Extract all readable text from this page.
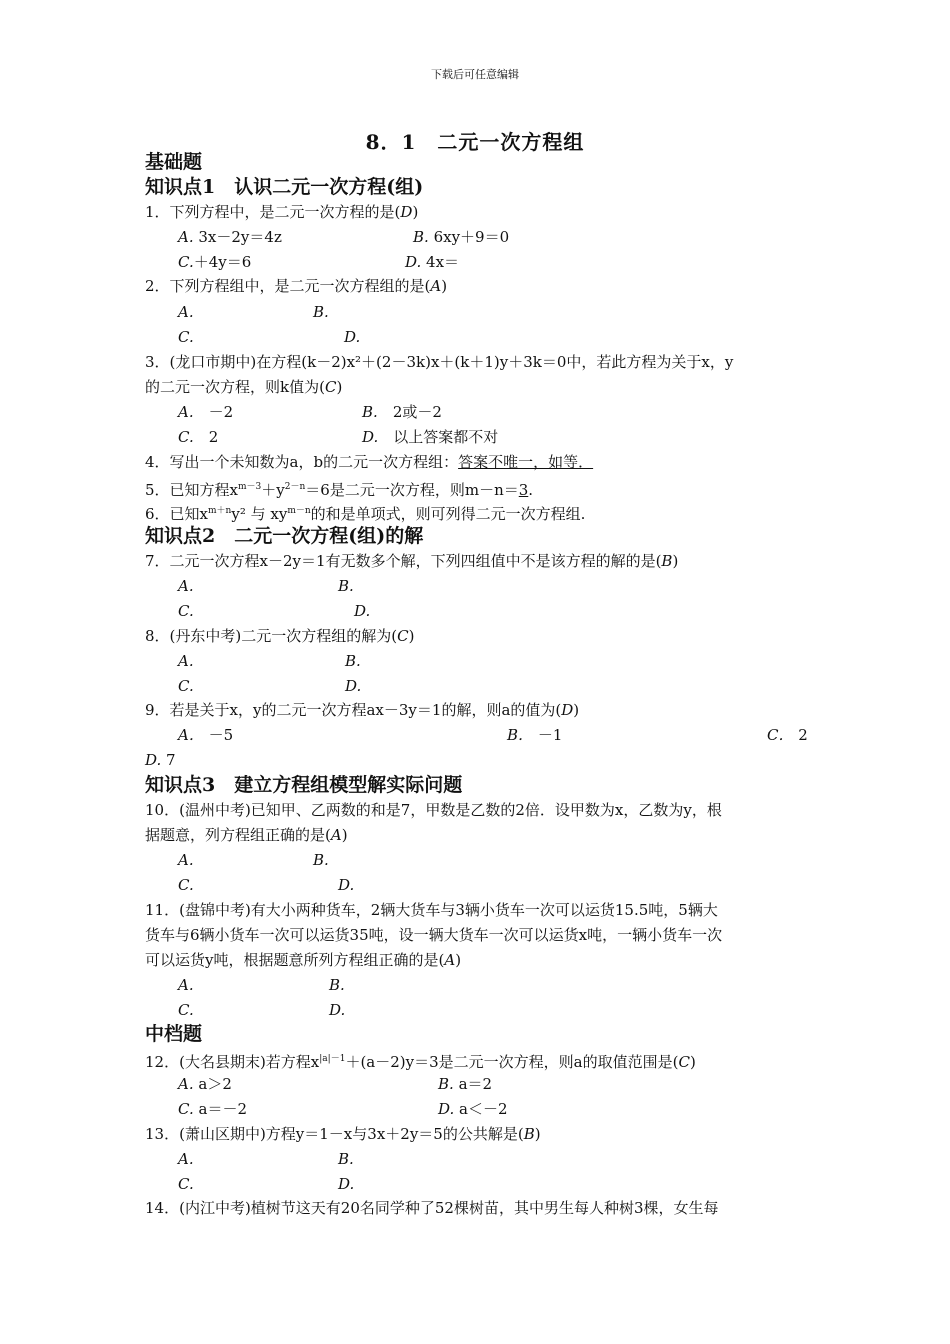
下载后可任意编辑
8．1　二元一次方程组
基础题
知识点1　认识二元一次方程(组)
1．下列方程中，是二元一次方程的是(D)
A. 3x－2y＝4z	B. 6xy＋9＝0
C.＋4y＝6	D. 4x＝
2．下列方程组中，是二元一次方程组的是(A)
A.	B.
C.	D.
3．(龙口市期中)在方程(k－2)x²＋(2－3k)x＋(k＋1)y＋3k＝0中，若此方程为关于x，y
的二元一次方程，则k值为(C)
A.　 －2	B.　 2或－2
C.　 2	D.　 以上答案都不对
4．写出一个未知数为a，b的二元一次方程组：答案不唯一，如等．
5．已知方程$x^{m-3}+y^{2-n}=6$是二元一次方程，则m－n＝3.
6．已知$x^{m+n}y^2$ 与 $xy^{m-n}$的和是单项式，则可列得二元一次方程组.
知识点2　二元一次方程(组)的解
7．二元一次方程x－2y＝1有无数多个解，下列四组值中不是该方程的解的是(B)
A.	B.
C.	D.
8．(丹东中考)二元一次方程组的解为(C)
A.	B.
C.	D.
9．若是关于x，y的二元一次方程ax－3y＝1的解，则a的值为(D)
A． －5	B． －1	C． 2
D. 7
知识点3　建立方程组模型解实际问题
10．(温州中考)已知甲、乙两数的和是7，甲数是乙数的2倍．设甲数为x，乙数为y，根
据题意，列方程组正确的是(A)
A.	B.
C.	D.
11．(盘锦中考)有大小两种货车，2辆大货车与3辆小货车一次可以运货15.5吨，5辆大
货车与6辆小货车一次可以运货35吨，设一辆大货车一次可以运货x吨，一辆小货车一次
可以运货y吨，根据题意所列方程组正确的是(A)
A.	B.
C.	D.
中档题
12．(大名县期末)若方程$x^{|a|-1}+(a-2)y=3$是二元一次方程，则a的取值范围是(C)
A. a＞2	B. a＝2
C. a＝－2	D. a＜－2
13．(萧山区期中)方程y＝1－x与3x＋2y＝5的公共解是(B)
A.	B.
C.	D.
14．(内江中考)植树节这天有20名同学种了52棵树苗，其中男生每人种树3棵，女生每
